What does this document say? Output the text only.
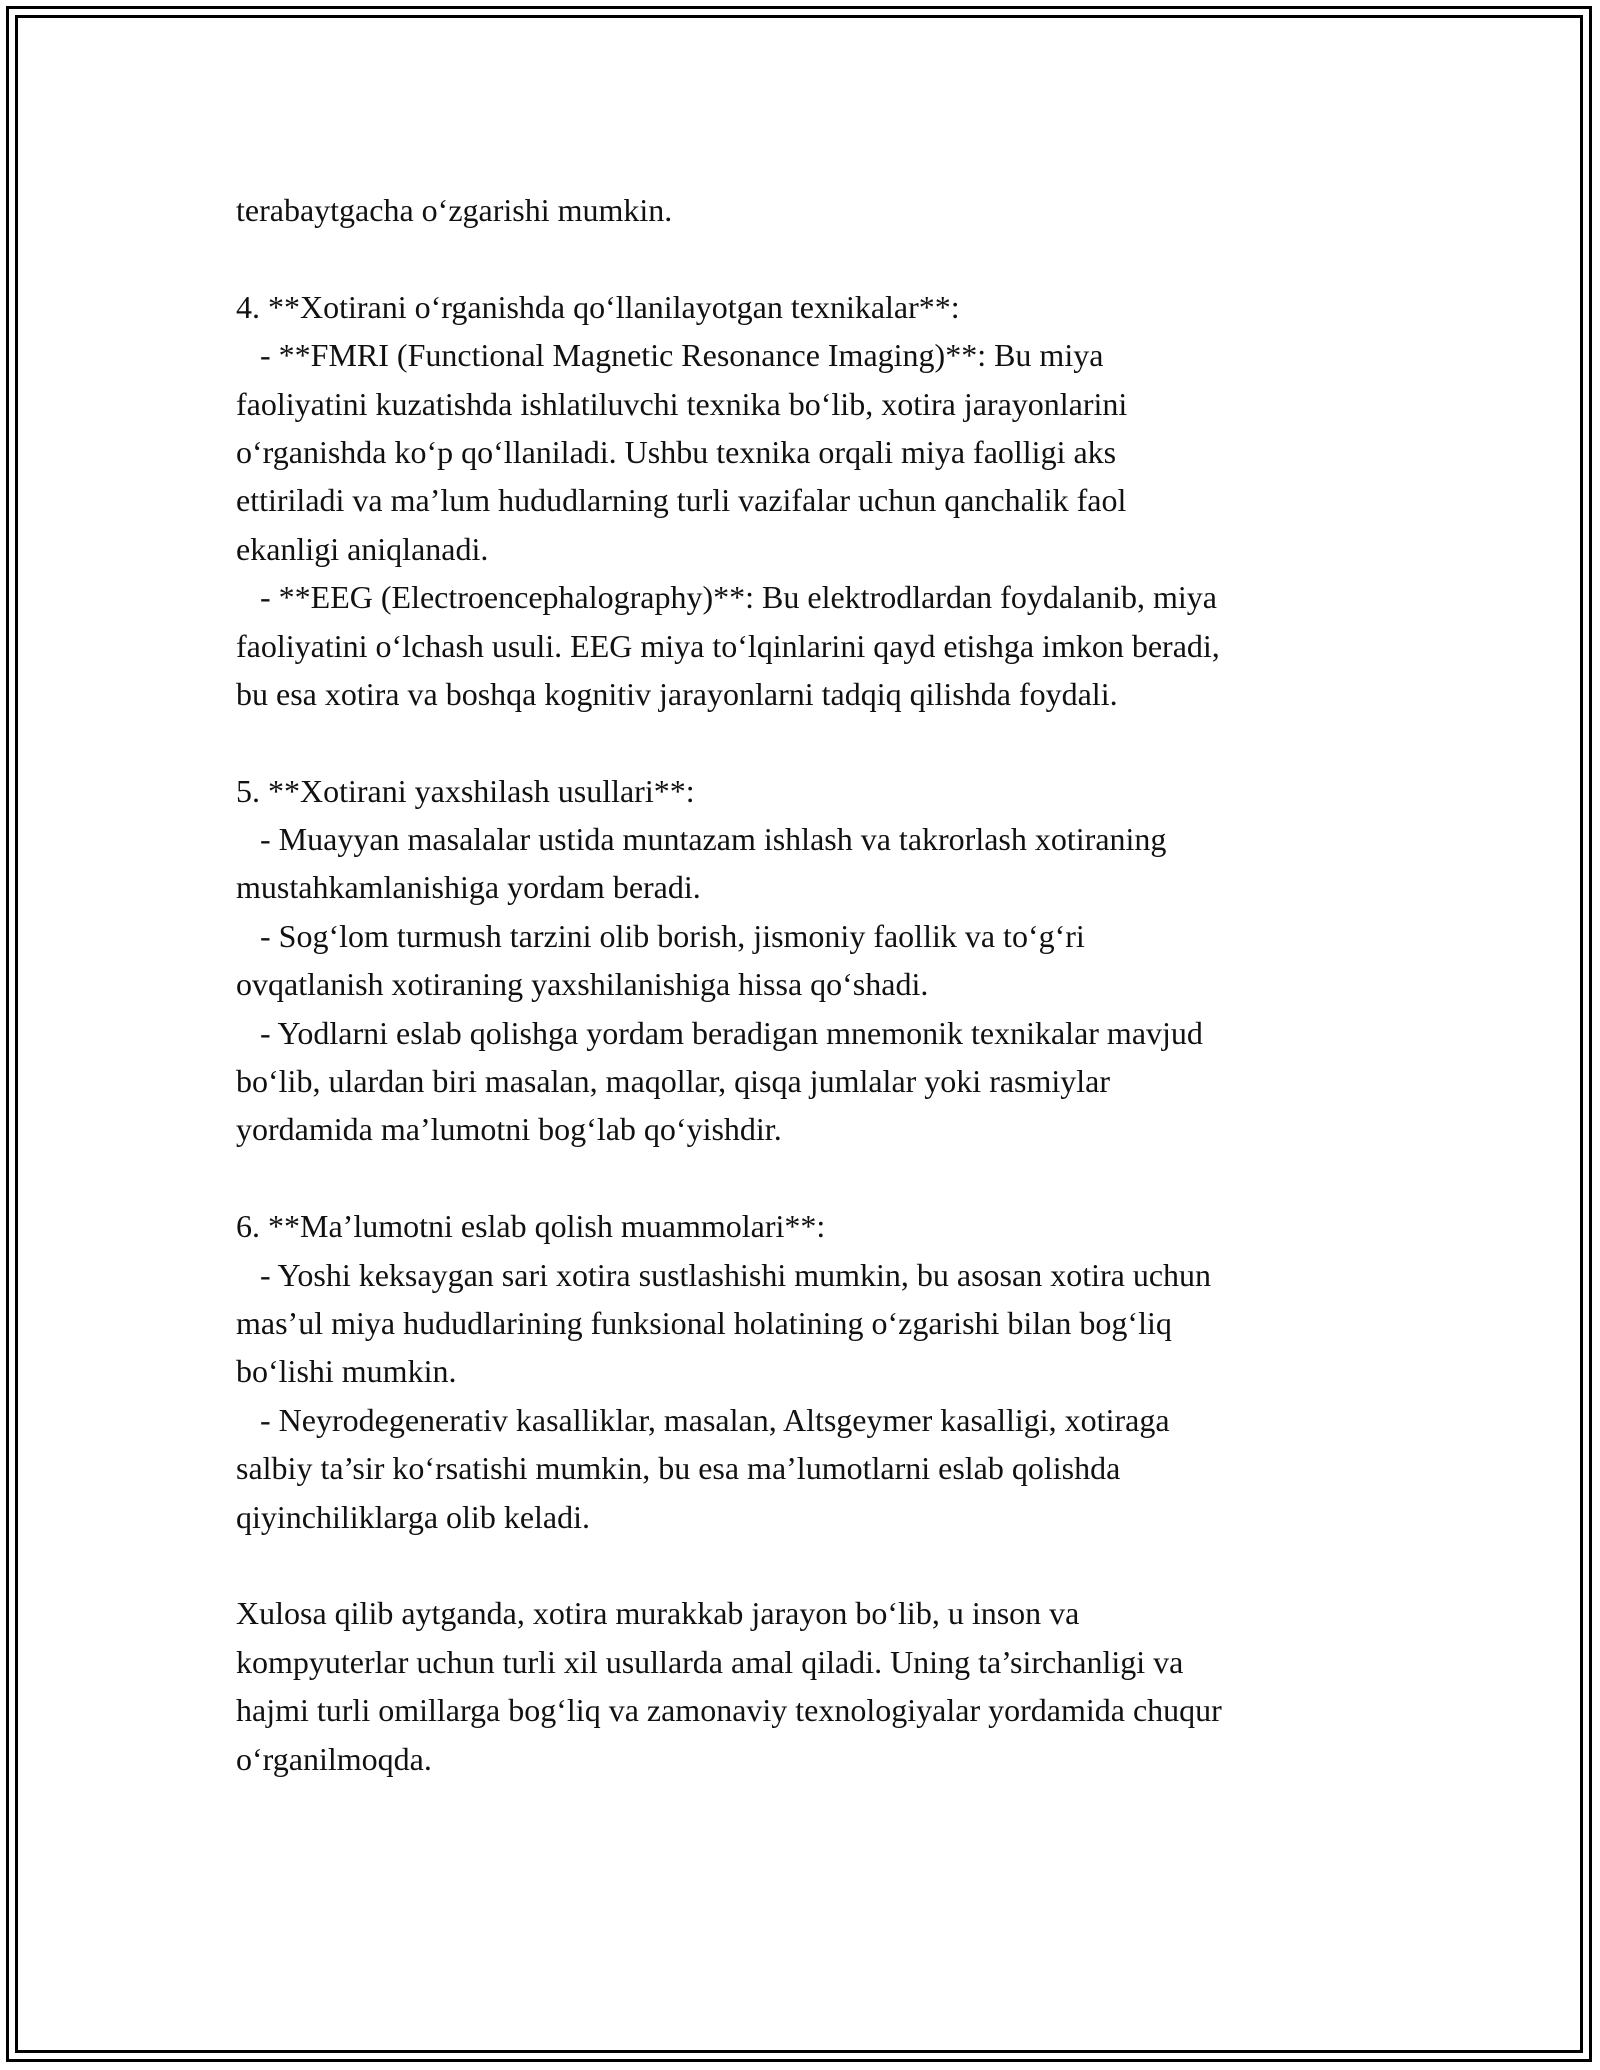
terabaytgacha o‘zgarishi mumkin.
4. **Xotirani o‘rganishda qo‘llanilayotgan texnikalar**:
- **FMRI (Functional Magnetic Resonance Imaging)**: Bu miya
faoliyatini kuzatishda ishlatiluvchi texnika bo‘lib, xotira jarayonlarini
o‘rganishda ko‘p qo‘llaniladi. Ushbu texnika orqali miya faolligi aks
ettiriladi va ma’lum hududlarning turli vazifalar uchun qanchalik faol
ekanligi aniqlanadi.
- **EEG (Electroencephalography)**: Bu elektrodlardan foydalanib, miya
faoliyatini o‘lchash usuli. EEG miya to‘lqinlarini qayd etishga imkon beradi,
bu esa xotira va boshqa kognitiv jarayonlarni tadqiq qilishda foydali.
5. **Xotirani yaxshilash usullari**:
- Muayyan masalalar ustida muntazam ishlash va takrorlash xotiraning
mustahkamlanishiga yordam beradi.
- Sog‘lom turmush tarzini olib borish, jismoniy faollik va to‘g‘ri
ovqatlanish xotiraning yaxshilanishiga hissa qo‘shadi.
- Yodlarni eslab qolishga yordam beradigan mnemonik texnikalar mavjud
bo‘lib, ulardan biri masalan, maqollar, qisqa jumlalar yoki rasmiylar
yordamida ma’lumotni bog‘lab qo‘yishdir.
6. **Ma’lumotni eslab qolish muammolari**:
- Yoshi keksaygan sari xotira sustlashishi mumkin, bu asosan xotira uchun
mas’ul miya hududlarining funksional holatining o‘zgarishi bilan bog‘liq
bo‘lishi mumkin.
- Neyrodegenerativ kasalliklar, masalan, Altsgeymer kasalligi, xotiraga
salbiy ta’sir ko‘rsatishi mumkin, bu esa ma’lumotlarni eslab qolishda
qiyinchiliklarga olib keladi.
Xulosa qilib aytganda, xotira murakkab jarayon bo‘lib, u inson va
kompyuterlar uchun turli xil usullarda amal qiladi. Uning ta’sirchanligi va
hajmi turli omillarga bog‘liq va zamonaviy texnologiyalar yordamida chuqur
o‘rganilmoqda.
